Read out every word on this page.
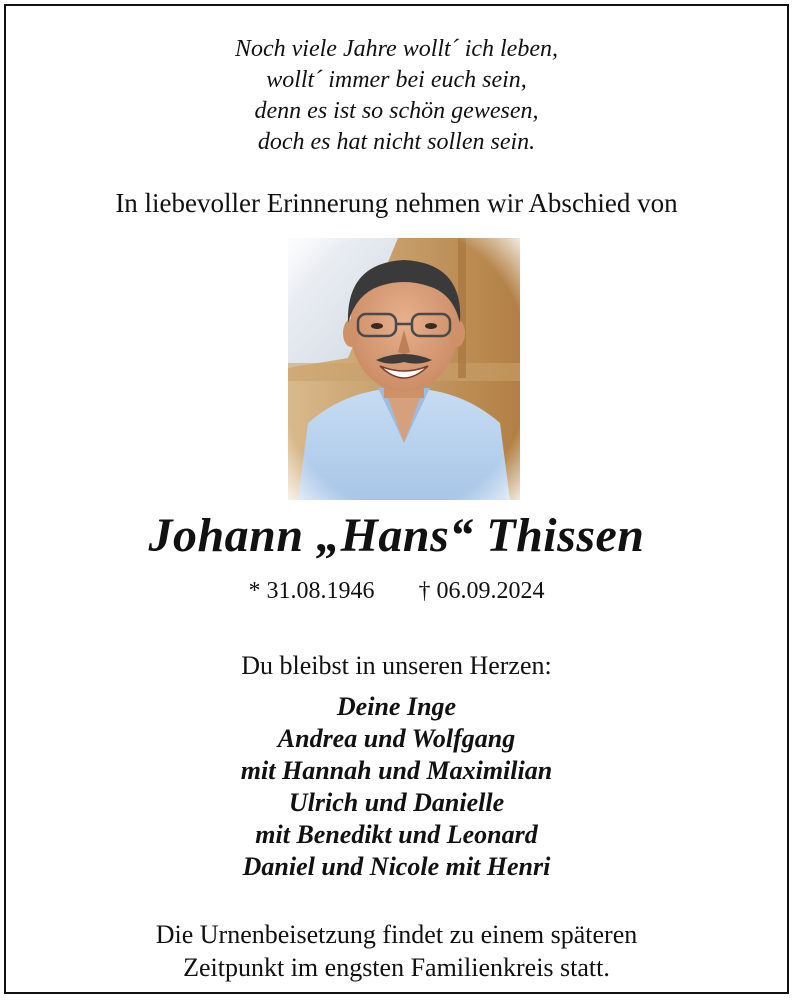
Noch viele Jahre wollt´ ich leben,
wollt´ immer bei euch sein,
denn es ist so schön gewesen,
doch es hat nicht sollen sein.
In liebevoller Erinnerung nehmen wir Abschied von
Johann „Hans“ Thissen
* 31.08.1946 † 06.09.2024
Du bleibst in unseren Herzen:
Deine Inge
Andrea und Wolfgang
mit Hannah und Maximilian
Ulrich und Danielle
mit Benedikt und Leonard
Daniel und Nicole mit Henri
Die Urnenbeisetzung findet zu einem späteren
Zeitpunkt im engsten Familienkreis statt.
